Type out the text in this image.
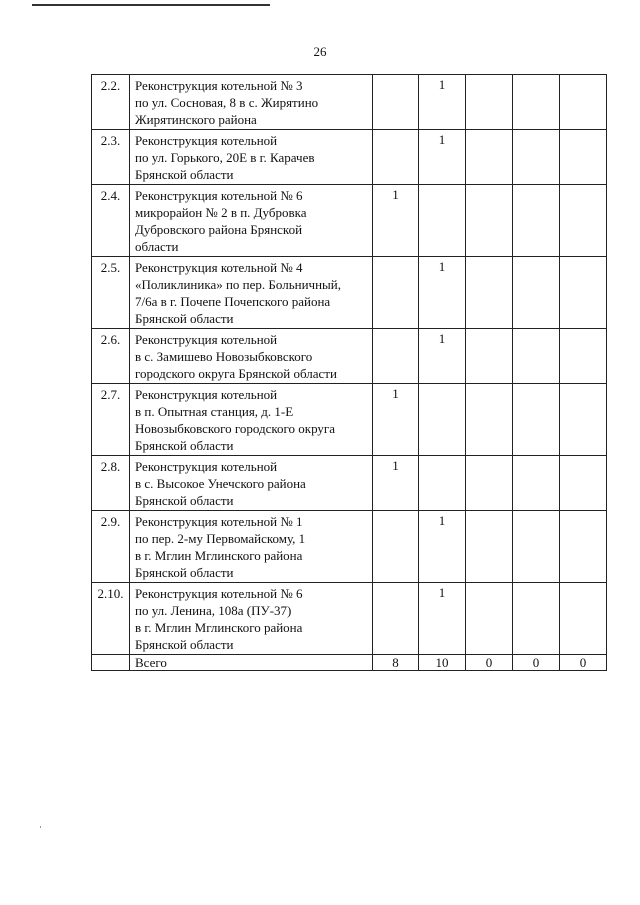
26
2.2.	Реконструкция котельной № 3
по ул. Сосновая, 8 в с. Жирятино
Жирятинского района		1			
2.3.	Реконструкция котельной
по ул. Горького, 20Е в г. Карачев
Брянской области		1			
2.4.	Реконструкция котельной № 6
микрорайон № 2 в п. Дубровка
Дубровского района Брянской
области	1				
2.5.	Реконструкция котельной № 4
«Поликлиника» по пер. Больничный,
7/6а в г. Почепе Почепского района
Брянской области		1			
2.6.	Реконструкция котельной
в с. Замишево Новозыбковского
городского округа Брянской области		1			
2.7.	Реконструкция котельной
в п. Опытная станция, д. 1-Е
Новозыбковского городского округа
Брянской области	1				
2.8.	Реконструкция котельной
в с. Высокое Унечского района
Брянской области	1				
2.9.	Реконструкция котельной № 1
по пер. 2-му Первомайскому, 1
в г. Мглин Мглинского района
Брянской области		1			
2.10.	Реконструкция котельной № 6
по ул. Ленина, 108а (ПУ-37)
в г. Мглин Мглинского района
Брянской области		1			
	Всего	8	10	0	0	0
